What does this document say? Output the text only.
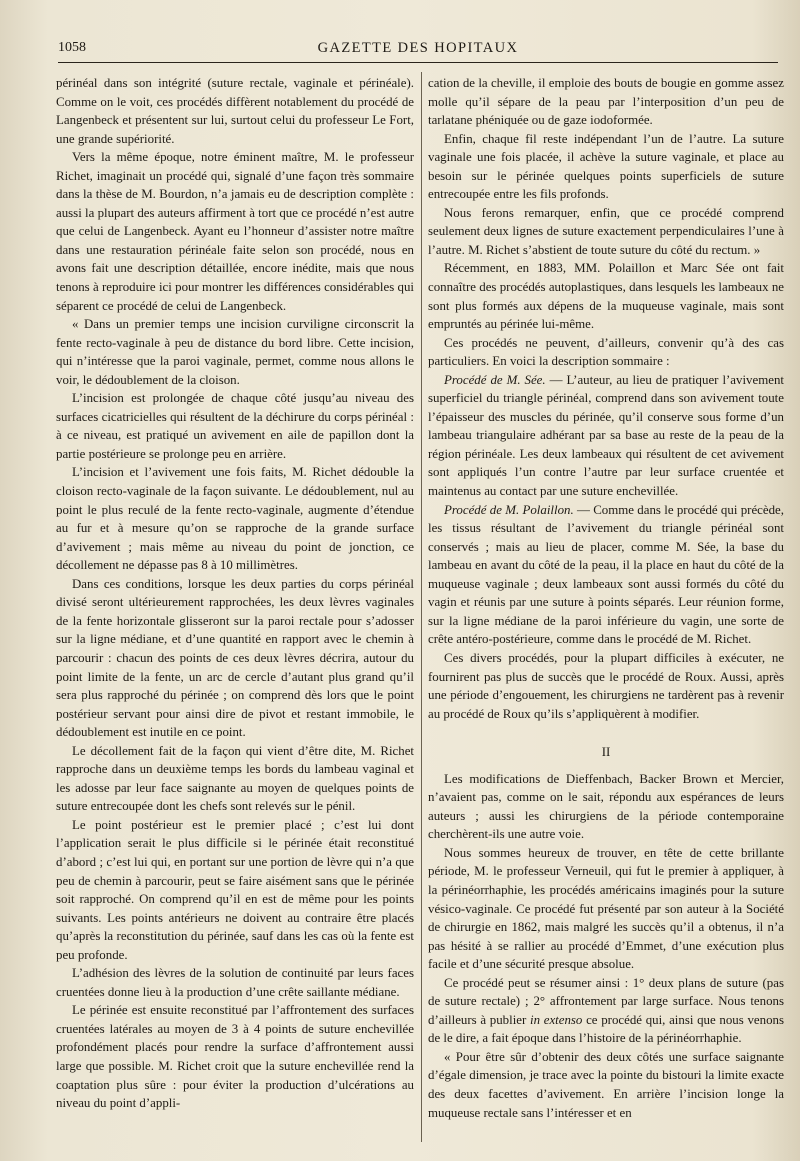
1058	GAZETTE DES HOPITAUX

périnéal dans son intégrité (suture rectale, vaginale et périnéale). Comme on le voit, ces procédés diffèrent notablement du procédé de Langenbeck et présentent sur lui, surtout celui du professeur Le Fort, une grande supériorité.

Vers la même époque, notre éminent maître, M. le professeur Richet, imaginait un procédé qui, signalé d’une façon très sommaire dans la thèse de M. Bourdon, n’a jamais eu de description complète : aussi la plupart des auteurs affirment à tort que ce procédé n’est autre que celui de Langenbeck. Ayant eu l’honneur d’assister notre maître dans une restauration périnéale faite selon son procédé, nous en avons fait une description détaillée, encore inédite, mais que nous tenons à reproduire ici pour montrer les différences considérables qui séparent ce procédé de celui de Langenbeck.

« Dans un premier temps une incision curviligne circonscrit la fente recto-vaginale à peu de distance du bord libre. Cette incision, qui n’intéresse que la paroi vaginale, permet, comme nous allons le voir, le dédoublement de la cloison.

L’incision est prolongée de chaque côté jusqu’au niveau des surfaces cicatricielles qui résultent de la déchirure du corps périnéal : à ce niveau, est pratiqué un avivement en aile de papillon dont la partie postérieure se prolonge peu en arrière.

L’incision et l’avivement une fois faits, M. Richet dédouble la cloison recto-vaginale de la façon suivante. Le dédoublement, nul au point le plus reculé de la fente recto-vaginale, augmente d’étendue au fur et à mesure qu’on se rapproche de la grande surface d’avivement ; mais même au niveau du point de jonction, ce décollement ne dépasse pas 8 à 10 millimètres.

Dans ces conditions, lorsque les deux parties du corps périnéal divisé seront ultérieurement rapprochées, les deux lèvres vaginales de la fente horizontale glisseront sur la paroi rectale pour s’adosser sur la ligne médiane, et d’une quantité en rapport avec le chemin à parcourir : chacun des points de ces deux lèvres décrira, autour du point limite de la fente, un arc de cercle d’autant plus grand qu’il sera plus rapproché du périnée ; on comprend dès lors que le point postérieur servant pour ainsi dire de pivot et restant immobile, le dédoublement est inutile en ce point.

Le décollement fait de la façon qui vient d’être dite, M. Richet rapproche dans un deuxième temps les bords du lambeau vaginal et les adosse par leur face saignante au moyen de quelques points de suture entrecoupée dont les chefs sont relevés sur le pénil.

Le point postérieur est le premier placé ; c’est lui dont l’application serait le plus difficile si le périnée était reconstitué d’abord ; c’est lui qui, en portant sur une portion de lèvre qui n’a que peu de chemin à parcourir, peut se faire aisément sans que le périnée soit rapproché. On comprend qu’il en est de même pour les points suivants. Les points antérieurs ne doivent au contraire être placés qu’après la reconstitution du périnée, sauf dans les cas où la fente est peu profonde.

L’adhésion des lèvres de la solution de continuité par leurs faces cruentées donne lieu à la production d’une crête saillante médiane.

Le périnée est ensuite reconstitué par l’affrontement des surfaces cruentées latérales au moyen de 3 à 4 points de suture enchevillée profondément placés pour rendre la surface d’affrontement aussi large que possible. M. Richet croit que la suture enchevillée rend la coaptation plus sûre : pour éviter la production d’ulcérations au niveau du point d’appli-

cation de la cheville, il emploie des bouts de bougie en gomme assez molle qu’il sépare de la peau par l’interposition d’un peu de tarlatane phéniquée ou de gaze iodoformée.

Enfin, chaque fil reste indépendant l’un de l’autre. La suture vaginale une fois placée, il achève la suture vaginale, et place au besoin sur le périnée quelques points superficiels de suture entrecoupée entre les fils profonds.

Nous ferons remarquer, enfin, que ce procédé comprend seulement deux lignes de suture exactement perpendiculaires l’une à l’autre. M. Richet s’abstient de toute suture du côté du rectum. »

Récemment, en 1883, MM. Polaillon et Marc Sée ont fait connaître des procédés autoplastiques, dans lesquels les lambeaux ne sont plus formés aux dépens de la muqueuse vaginale, mais sont empruntés au périnée lui-même.

Ces procédés ne peuvent, d’ailleurs, convenir qu’à des cas particuliers. En voici la description sommaire :

Procédé de M. Sée. — L’auteur, au lieu de pratiquer l’avivement superficiel du triangle périnéal, comprend dans son avivement toute l’épaisseur des muscles du périnée, qu’il conserve sous forme d’un lambeau triangulaire adhérant par sa base au reste de la peau de la région périnéale. Les deux lambeaux qui résultent de cet avivement sont appliqués l’un contre l’autre par leur surface cruentée et maintenus au contact par une suture enchevillée.

Procédé de M. Polaillon. — Comme dans le procédé qui précède, les tissus résultant de l’avivement du triangle périnéal sont conservés ; mais au lieu de placer, comme M. Sée, la base du lambeau en avant du côté de la peau, il la place en haut du côté de la muqueuse vaginale ; deux lambeaux sont aussi formés du côté du vagin et réunis par une suture à points séparés. Leur réunion forme, sur la ligne médiane de la paroi inférieure du vagin, une sorte de crête antéro-postérieure, comme dans le procédé de M. Richet.

Ces divers procédés, pour la plupart difficiles à exécuter, ne fournirent pas plus de succès que le procédé de Roux. Aussi, après une période d’engouement, les chirurgiens ne tardèrent pas à revenir au procédé de Roux qu’ils s’appliquèrent à modifier.

II

Les modifications de Dieffenbach, Backer Brown et Mercier, n’avaient pas, comme on le sait, répondu aux espérances de leurs auteurs ; aussi les chirurgiens de la période contemporaine cherchèrent-ils une autre voie.

Nous sommes heureux de trouver, en tête de cette brillante période, M. le professeur Verneuil, qui fut le premier à appliquer, à la périnéorrhaphie, les procédés américains imaginés pour la suture vésico-vaginale. Ce procédé fut présenté par son auteur à la Société de chirurgie en 1862, mais malgré les succès qu’il a obtenus, il n’a pas hésité à se rallier au procédé d’Emmet, d’une exécution plus facile et d’une sécurité presque absolue.

Ce procédé peut se résumer ainsi : 1° deux plans de suture (pas de suture rectale) ; 2° affrontement par large surface. Nous tenons d’ailleurs à publier in extenso ce procédé qui, ainsi que nous venons de le dire, a fait époque dans l’histoire de la périnéorrhaphie.

« Pour être sûr d’obtenir des deux côtés une surface saignante d’égale dimension, je trace avec la pointe du bistouri la limite exacte des deux facettes d’avivement. En arrière l’incision longe la muqueuse rectale sans l’intéresser et en
